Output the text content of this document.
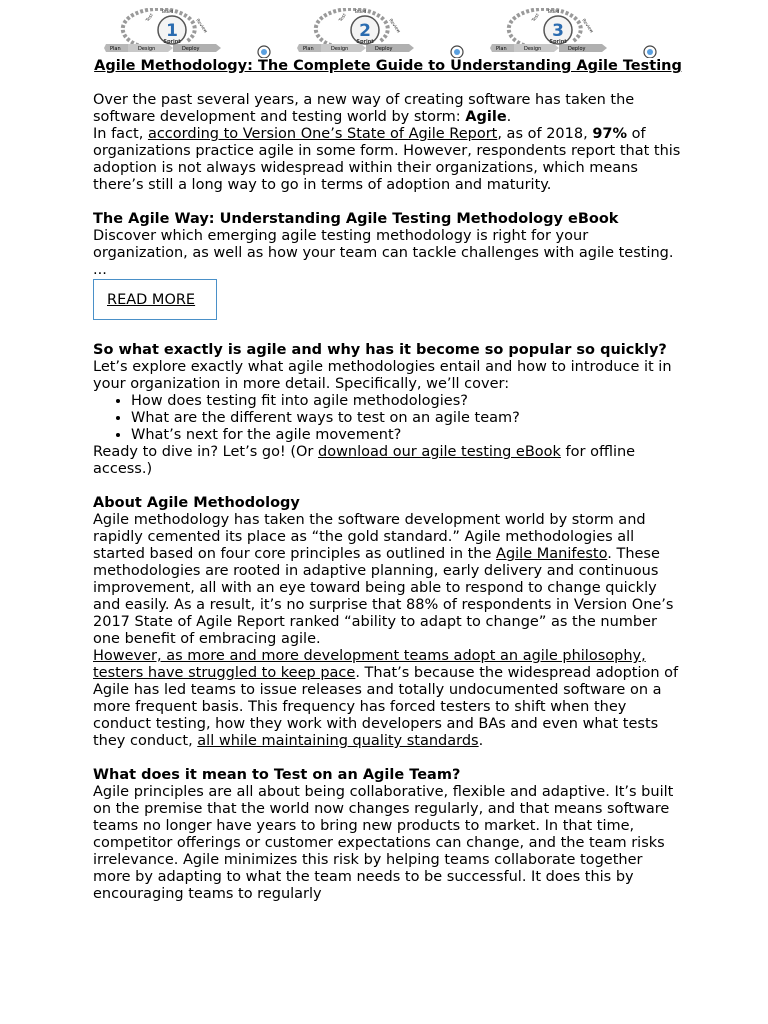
1
Sprint
Plan	Design	Deploy
Test
Build
Review	2
Sprint
Plan	Design	Deploy
Test
Build
Review	3
Sprint
Plan	Design	Deploy
Test
Build
Review
Agile Methodology: The Complete Guide to Understanding Agile Testing

Over the past several years, a new way of creating software has taken the software development and testing world by storm: Agile.

In fact, according to Version One’s State of Agile Report, as of 2018, 97% of organizations practice agile in some form. However, respondents report that this adoption is not always widespread within their organizations, which means there’s still a long way to go in terms of adoption and maturity.

The Agile Way: Understanding Agile Testing Methodology eBook

Discover which emerging agile testing methodology is right for your organization, as well as how your team can tackle challenges with agile testing. ...

READ MORE

So what exactly is agile and why has it become so popular so quickly? Let’s explore exactly what agile methodologies entail and how to introduce it in your organization in more detail. Specifically, we’ll cover:

• How does testing fit into agile methodologies?
• What are the different ways to test on an agile team?
• What’s next for the agile movement?

Ready to dive in? Let’s go! (Or download our agile testing eBook for offline access.)

About Agile Methodology

Agile methodology has taken the software development world by storm and rapidly cemented its place as “the gold standard.” Agile methodologies all started based on four core principles as outlined in the Agile Manifesto. These methodologies are rooted in adaptive planning, early delivery and continuous improvement, all with an eye toward being able to respond to change quickly and easily. As a result, it’s no surprise that 88% of respondents in Version One’s 2017 State of Agile Report ranked “ability to adapt to change” as the number one benefit of embracing agile.

However, as more and more development teams adopt an agile philosophy, testers have struggled to keep pace. That’s because the widespread adoption of Agile has led teams to issue releases and totally undocumented software on a more frequent basis. This frequency has forced testers to shift when they conduct testing, how they work with developers and BAs and even what tests they conduct, all while maintaining quality standards.

What does it mean to Test on an Agile Team?

Agile principles are all about being collaborative, flexible and adaptive. It’s built on the premise that the world now changes regularly, and that means software teams no longer have years to bring new products to market. In that time, competitor offerings or customer expectations can change, and the team risks irrelevance. Agile minimizes this risk by helping teams collaborate together more by adapting to what the team needs to be successful. It does this by encouraging teams to regularly
